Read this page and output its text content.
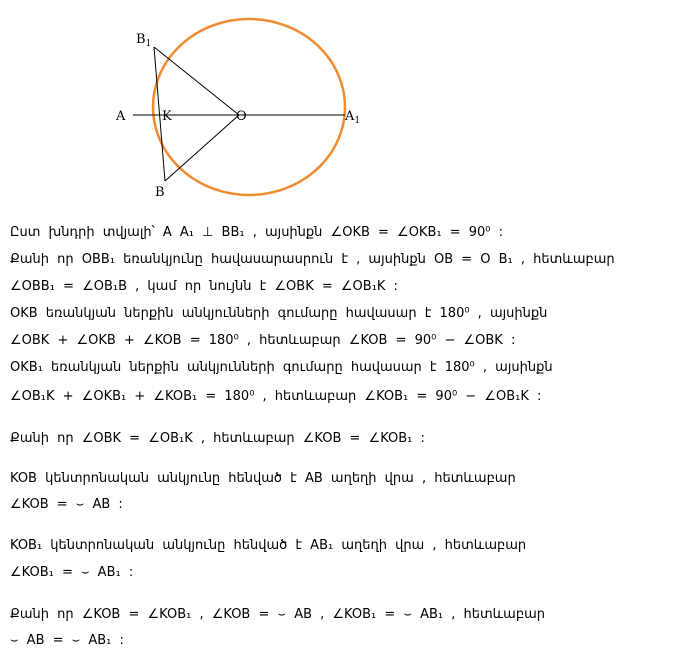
$B_1$
A	K	O	$A_1$
B
Ըստ խնդրի տվյալի՝ A A₁ ⊥ BB₁ , այսինքն ∠OKB = ∠OKB₁ = 90⁰ :
Քանի որ OBB₁ եռանկյունը հավասարասրուն է , այսինքն OB = O B₁ , հետևաբար
∠OBB₁ = ∠OB₁B , կամ որ նույնն է ∠OBK = ∠OB₁K :
OKB եռանկյան ներքին անկյունների գումարը հավասար է 180⁰ , այսինքն
∠OBK + ∠OKB + ∠KOB = 180⁰ , հետևաբար ∠KOB = 90⁰ − ∠OBK :
OKB₁ եռանկյան ներքին անկյունների գումարը հավասար է 180⁰ , այսինքն
∠OB₁K + ∠OKB₁ + ∠KOB₁ = 180⁰ , հետևաբար ∠KOB₁ = 90⁰ − ∠OB₁K :
Քանի որ ∠OBK = ∠OB₁K , հետևաբար ∠KOB = ∠KOB₁ :
KOB կենտրոնական անկյունը հենված է AB աղեղի վրա , հետևաբար
∠KOB = ⌣ AB :
KOB₁ կենտրոնական անկյունը հենված է AB₁ աղեղի վրա , հետևաբար
∠KOB₁ = ⌣ AB₁ :
Քանի որ ∠KOB = ∠KOB₁ , ∠KOB = ⌣ AB , ∠KOB₁ = ⌣ AB₁ , հետևաբար
⌣ AB = ⌣ AB₁ :
